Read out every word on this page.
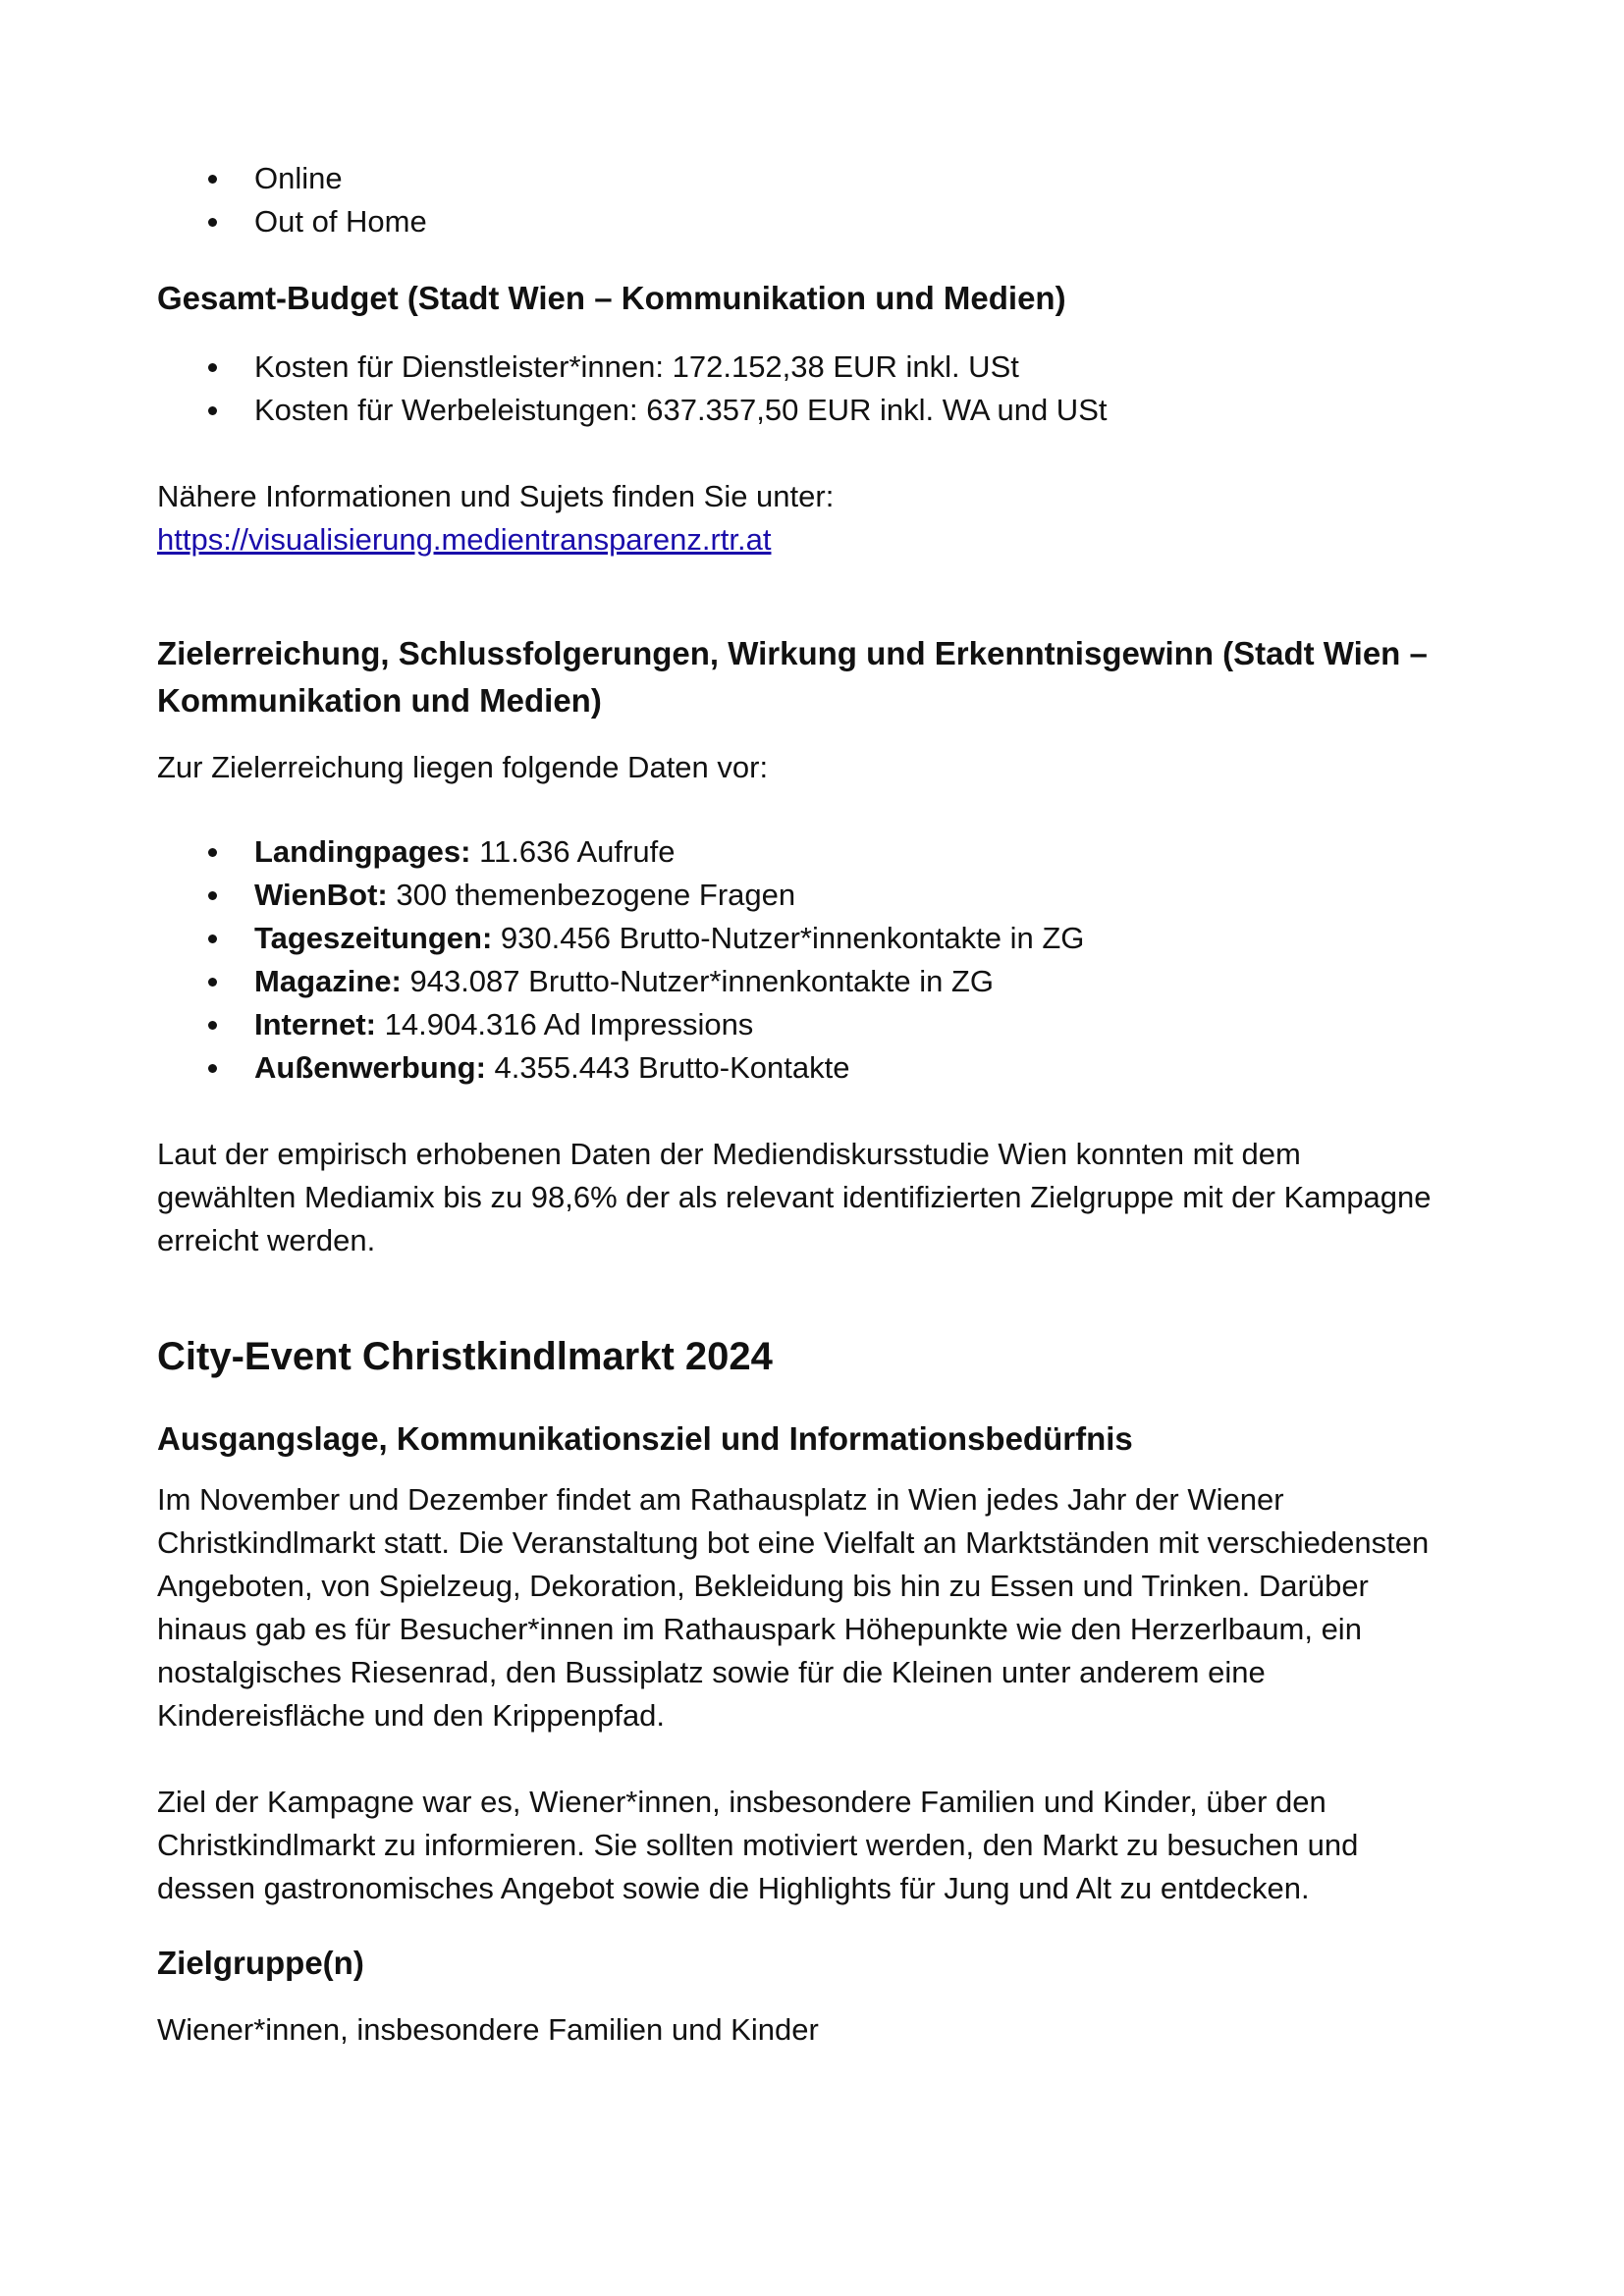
Online
Out of Home
Gesamt-Budget (Stadt Wien – Kommunikation und Medien)
Kosten für Dienstleister*innen: 172.152,38 EUR inkl. USt
Kosten für Werbeleistungen: 637.357,50 EUR inkl. WA und USt

Nähere Informationen und Sujets finden Sie unter:
https://visualisierung.medientransparenz.rtr.at

Zielerreichung, Schlussfolgerungen, Wirkung und Erkenntnisgewinn (Stadt Wien –
Kommunikation und Medien)

Zur Zielerreichung liegen folgende Daten vor:

Landingpages: 11.636 Aufrufe
WienBot: 300 themenbezogene Fragen
Tageszeitungen: 930.456 Brutto-Nutzer*innenkontakte in ZG
Magazine: 943.087 Brutto-Nutzer*innenkontakte in ZG
Internet: 14.904.316 Ad Impressions
Außenwerbung: 4.355.443 Brutto-Kontakte

Laut der empirisch erhobenen Daten der Mediendiskursstudie Wien konnten mit dem
gewählten Mediamix bis zu 98,6% der als relevant identifizierten Zielgruppe mit der Kampagne
erreicht werden.

City-Event Christkindlmarkt 2024
Ausgangslage, Kommunikationsziel und Informationsbedürfnis

Im November und Dezember findet am Rathausplatz in Wien jedes Jahr der Wiener
Christkindlmarkt statt. Die Veranstaltung bot eine Vielfalt an Marktständen mit verschiedensten
Angeboten, von Spielzeug, Dekoration, Bekleidung bis hin zu Essen und Trinken. Darüber
hinaus gab es für Besucher*innen im Rathauspark Höhepunkte wie den Herzerlbaum, ein
nostalgisches Riesenrad, den Bussiplatz sowie für die Kleinen unter anderem eine
Kindereisfläche und den Krippenpfad.

Ziel der Kampagne war es, Wiener*innen, insbesondere Familien und Kinder, über den
Christkindlmarkt zu informieren. Sie sollten motiviert werden, den Markt zu besuchen und
dessen gastronomisches Angebot sowie die Highlights für Jung und Alt zu entdecken.

Zielgruppe(n)

Wiener*innen, insbesondere Familien und Kinder
